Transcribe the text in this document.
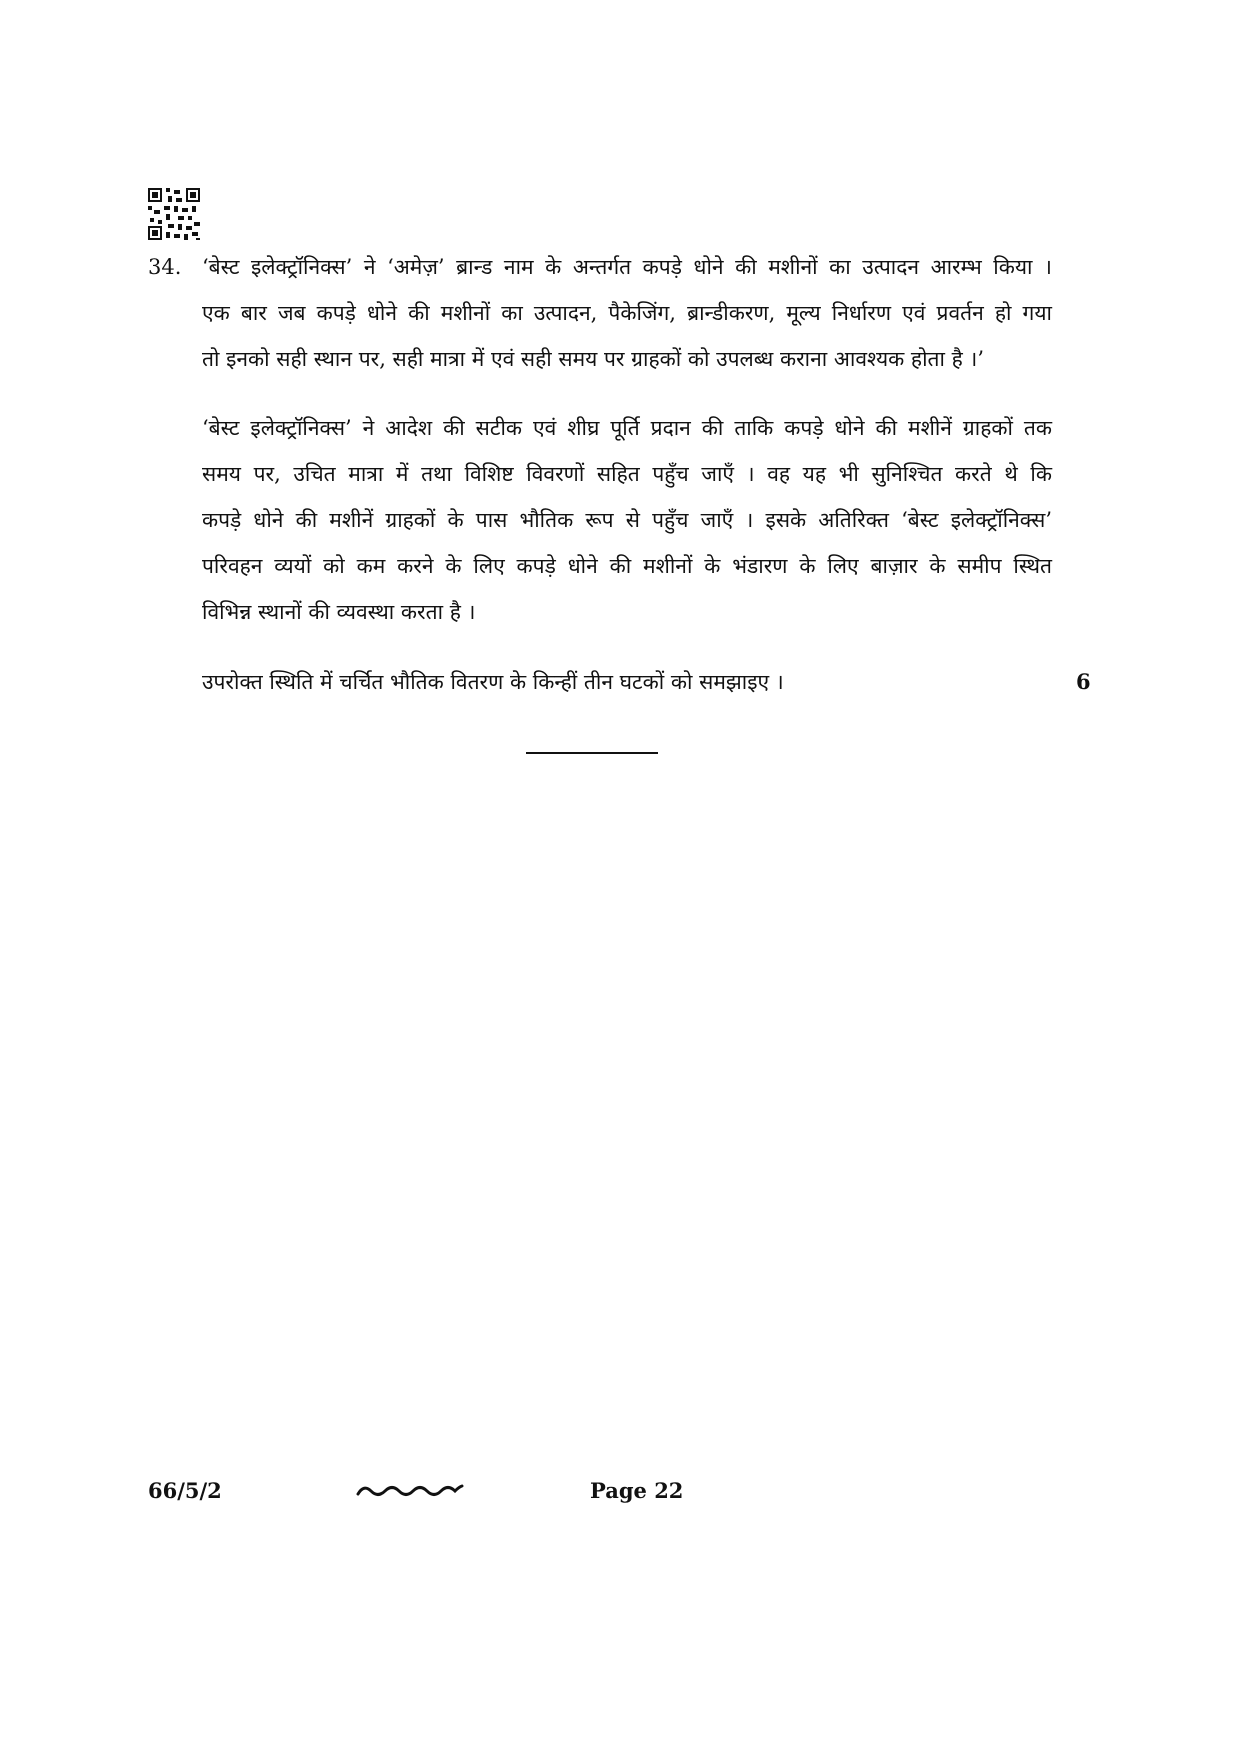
34. ‘बेस्ट इलेक्ट्रॉनिक्स’ ने ‘अमेज़’ ब्रान्ड नाम के अन्तर्गत कपड़े धोने की मशीनों का उत्पादन आरम्भ किया ।
एक बार जब कपड़े धोने की मशीनों का उत्पादन, पैकेजिंग, ब्रान्डीकरण, मूल्य निर्धारण एवं प्रवर्तन हो गया
तो इनको सही स्थान पर, सही मात्रा में एवं सही समय पर ग्राहकों को उपलब्ध कराना आवश्यक होता है ।’
‘बेस्ट इलेक्ट्रॉनिक्स’ ने आदेश की सटीक एवं शीघ्र पूर्ति प्रदान की ताकि कपड़े धोने की मशीनें ग्राहकों तक
समय पर, उचित मात्रा में तथा विशिष्ट विवरणों सहित पहुँच जाएँ । वह यह भी सुनिश्चित करते थे कि
कपड़े धोने की मशीनें ग्राहकों के पास भौतिक रूप से पहुँच जाएँ । इसके अतिरिक्त ‘बेस्ट इलेक्ट्रॉनिक्स’
परिवहन व्ययों को कम करने के लिए कपड़े धोने की मशीनों के भंडारण के लिए बाज़ार के समीप स्थित
विभिन्न स्थानों की व्यवस्था करता है ।
उपरोक्त स्थिति में चर्चित भौतिक वितरण के किन्हीं तीन घटकों को समझाइए ।	6
66/5/2	Page 22
